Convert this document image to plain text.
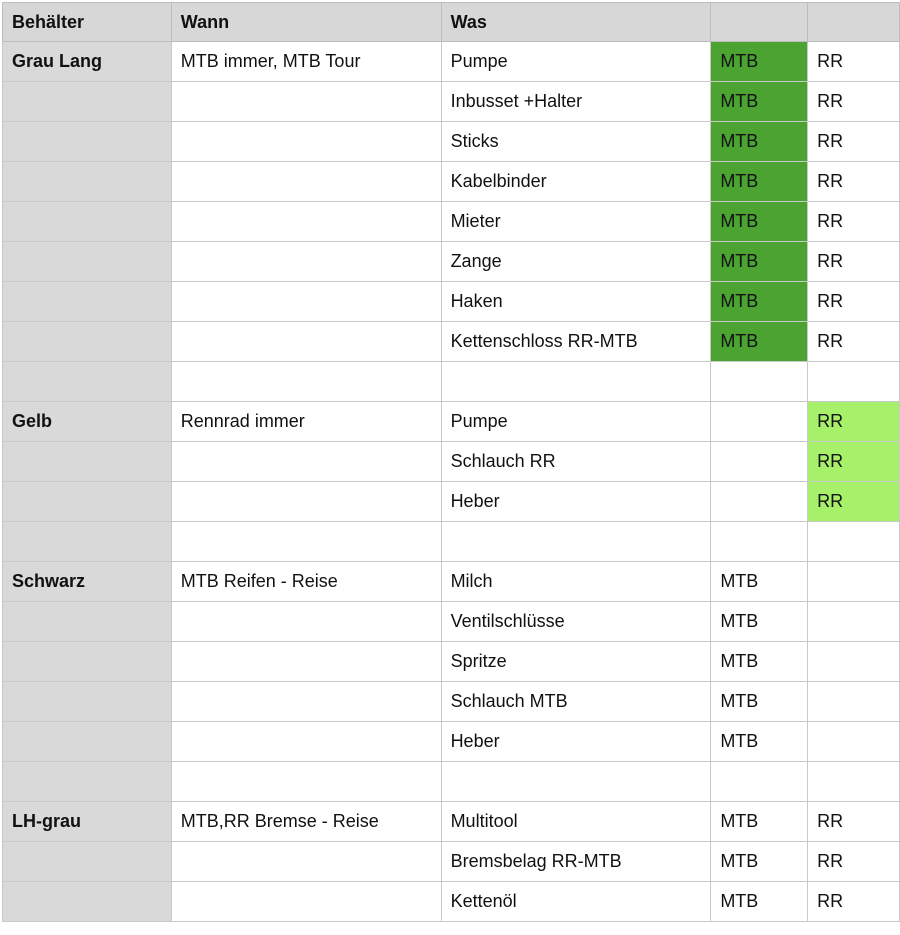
Behälter	Wann	Was		
Grau Lang	MTB immer, MTB Tour	Pumpe	MTB	RR
		Inbusset +Halter	MTB	RR
		Sticks	MTB	RR
		Kabelbinder	MTB	RR
		Mieter	MTB	RR
		Zange	MTB	RR
		Haken	MTB	RR
		Kettenschloss RR-MTB	MTB	RR

Gelb	Rennrad immer	Pumpe		RR
		Schlauch RR		RR
		Heber		RR

Schwarz	MTB Reifen - Reise	Milch	MTB	
		Ventilschlüsse	MTB	
		Spritze	MTB	
		Schlauch MTB	MTB	
		Heber	MTB	

LH-grau	MTB,RR Bremse - Reise	Multitool	MTB	RR
		Bremsbelag RR-MTB	MTB	RR
		Kettenöl	MTB	RR
